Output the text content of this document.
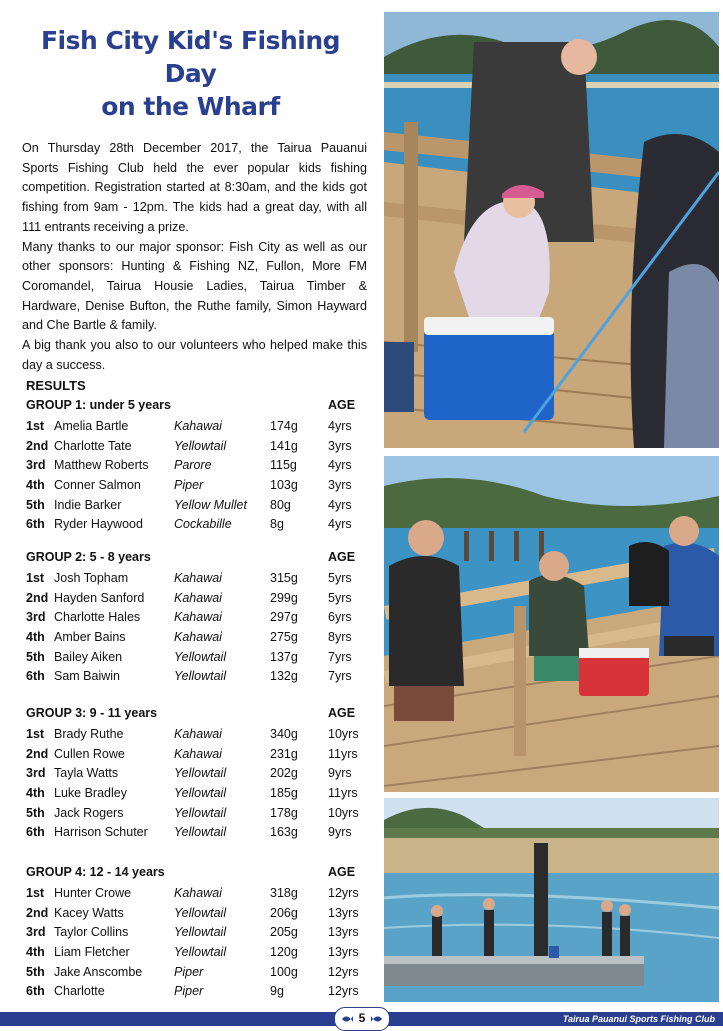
Fish City Kid's Fishing Day
on the Wharf

On Thursday 28th December 2017, the Tairua Pauanui Sports Fishing Club held the ever popular kids fishing competition. Registration started at 8:30am, and the kids got fishing from 9am - 12pm. The kids had a great day, with all 111 entrants receiving a prize.

Many thanks to our major sponsor: Fish City as well as our other sponsors: Hunting & Fishing NZ, Fullon, More FM Coromandel, Tairua Housie Ladies, Tairua Timber & Hardware, Denise Bufton, the Ruthe family, Simon Hayward and Che Bartle & family.

A big thank you also to our volunteers who helped make this day a success.

RESULTS
GROUP 1: under 5 years	AGE
1st Amelia Bartle	Kahawai	174g 4yrs
2nd Charlotte Tate	Yellowtail	141g 3yrs
3rd Matthew Roberts Parore	115g 4yrs
4th Conner Salmon	Piper	103g 3yrs
5th Indie Barker	Yellow Mullet 80g	4yrs
6th Ryder Haywood Cockabille	8g	4yrs
GROUP 2: 5 - 8 years	AGE
1st Josh Topham	Kahawai	315g 5yrs
2nd Hayden Sanford Kahawai	299g 5yrs
3rd Charlotte Hales	Kahawai	297g 6yrs
4th Amber Bains	Kahawai	275g 8yrs
5th Bailey Aiken	Yellowtail	137g 7yrs
6th Sam Baiwin	Yellowtail	132g 7yrs
GROUP 3: 9 - 11 years	AGE
1st Brady Ruthe	Kahawai	340g 10yrs
2nd Cullen Rowe	Kahawai	231g 11yrs
3rd Tayla Watts	Yellowtail	202g 9yrs
4th Luke Bradley	Yellowtail	185g 11yrs
5th Jack Rogers	Yellowtail	178g 10yrs
6th Harrison Schuter Yellowtail	163g 9yrs
GROUP 4: 12 - 14 years	AGE
1st Hunter Crowe	Kahawai	318g 12yrs
2nd Kacey Watts	Yellowtail	206g 13yrs
3rd Taylor Collins	Yellowtail	205g 13yrs
4th Liam Fletcher	Yellowtail	120g 13yrs
5th Jake Anscombe	Piper	100g 12yrs
6th Charlotte	Piper	9g	12yrs
Tairua Pauanui Sports Fishing Club
5
